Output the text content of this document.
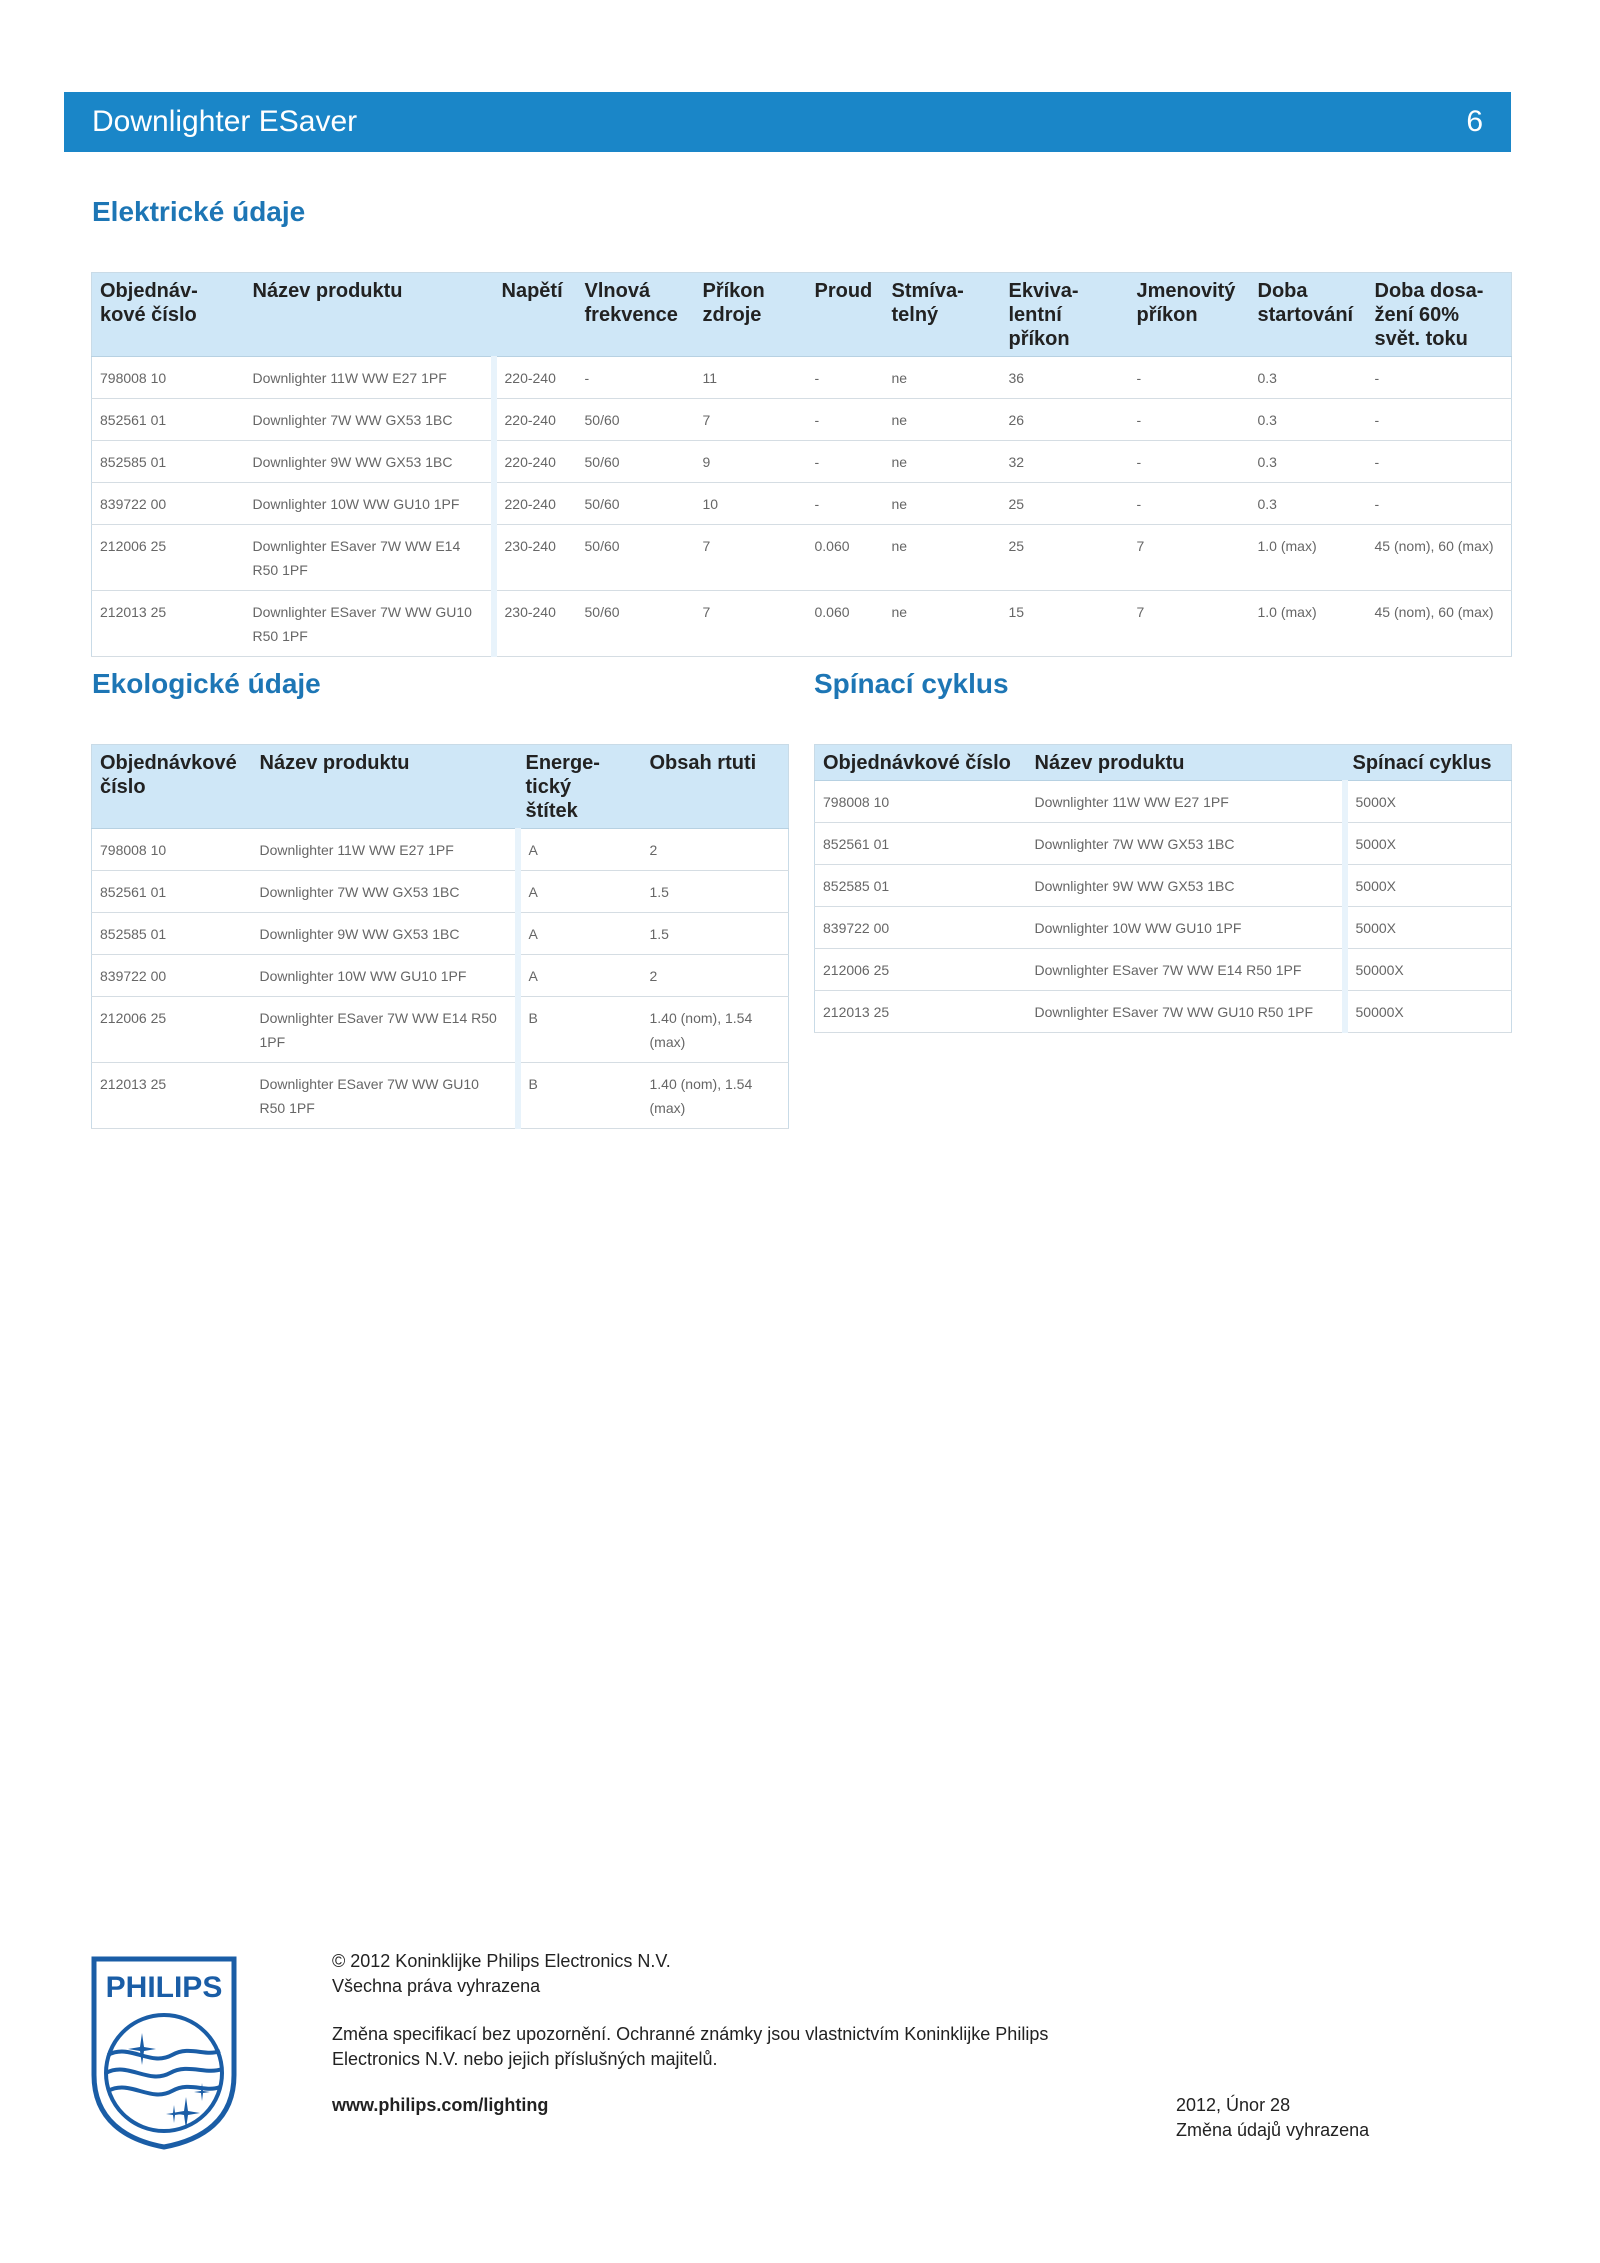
Downlighter ESaver	6
Elektrické údaje
Objednáv-
kové číslo	Název produktu	Napětí	Vlnová
frekvence	Příkon
zdroje	Proud	Stmíva-
telný	Ekviva-
lentní
příkon	Jmenovitý
příkon	Doba
startování	Doba dosa-
žení 60%
svět. toku
798008 10	Downlighter 11W WW E27 1PF	220-240	-	11	-	ne	36	-	0.3	-
852561 01	Downlighter 7W WW GX53 1BC	220-240	50/60	7	-	ne	26	-	0.3	-
852585 01	Downlighter 9W WW GX53 1BC	220-240	50/60	9	-	ne	32	-	0.3	-
839722 00	Downlighter 10W WW GU10 1PF	220-240	50/60	10	-	ne	25	-	0.3	-
212006 25	Downlighter ESaver 7W WW E14 R50 1PF	230-240	50/60	7	0.060	ne	25	7	1.0 (max)	45 (nom), 60 (max)
212013 25	Downlighter ESaver 7W WW GU10 R50 1PF	230-240	50/60	7	0.060	ne	15	7	1.0 (max)	45 (nom), 60 (max)
Ekologické údaje
Objednávkové
číslo	Název produktu	Energe-
tický
štítek	Obsah rtuti
798008 10	Downlighter 11W WW E27 1PF	A	2
852561 01	Downlighter 7W WW GX53 1BC	A	1.5
852585 01	Downlighter 9W WW GX53 1BC	A	1.5
839722 00	Downlighter 10W WW GU10 1PF	A	2
212006 25	Downlighter ESaver 7W WW E14 R50 1PF	B	1.40 (nom), 1.54 (max)
212013 25	Downlighter ESaver 7W WW GU10 R50 1PF	B	1.40 (nom), 1.54 (max)
Spínací cyklus
Objednávkové číslo	Název produktu	Spínací cyklus
798008 10	Downlighter 11W WW E27 1PF	5000X
852561 01	Downlighter 7W WW GX53 1BC	5000X
852585 01	Downlighter 9W WW GX53 1BC	5000X
839722 00	Downlighter 10W WW GU10 1PF	5000X
212006 25	Downlighter ESaver 7W WW E14 R50 1PF	50000X
212013 25	Downlighter ESaver 7W WW GU10 R50 1PF	50000X
PHILIPS
© 2012 Koninklijke Philips Electronics N.V.
Všechna práva vyhrazena
Změna specifikací bez upozornění. Ochranné známky jsou vlastnictvím Koninklijke Philips Electronics N.V. nebo jejich příslušných majitelů.
www.philips.com/lighting	2012, Únor 28
Změna údajů vyhrazena
